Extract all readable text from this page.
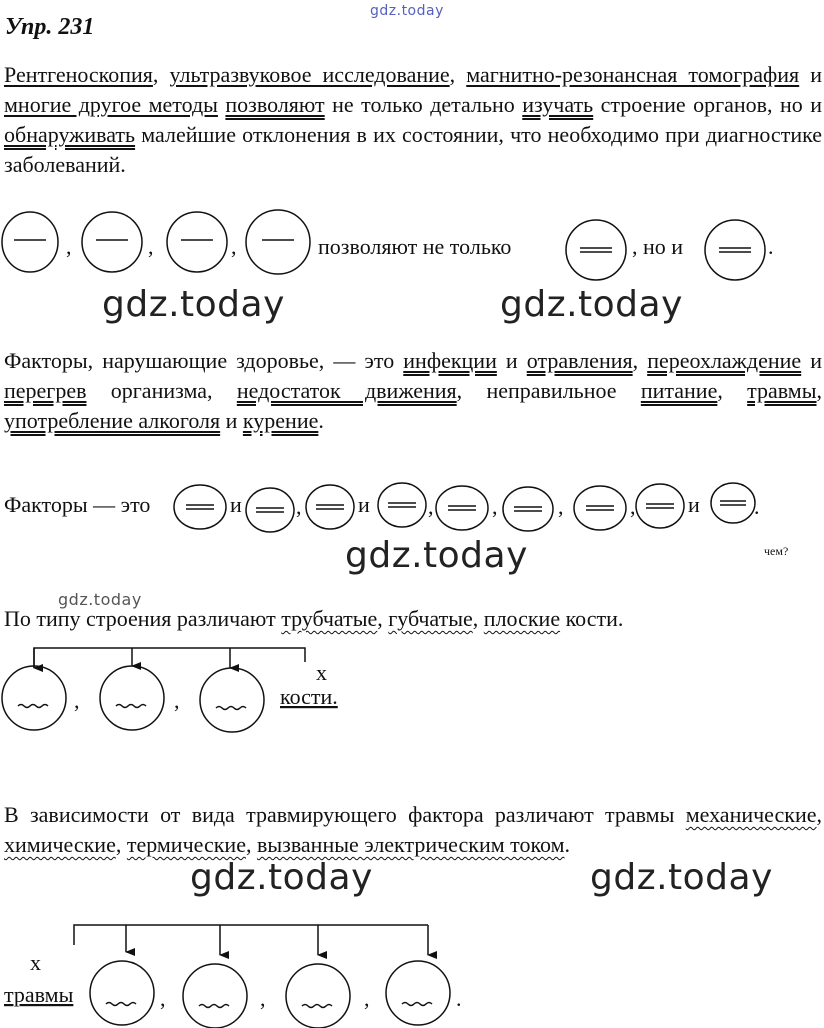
gdz.today
gdz.today	gdz.today
gdz.today
gdz.today
gdz.today	gdz.today
Упр. 231
Рентгеноскопия, ультразвуковое исследование, магнитно-резонансная томография и многие другое методы позволяют не только детально изучать строение органов, но и обнаруживать малейшие отклонения в их состоянии, что необходимо при диагностике заболеваний.
Факторы, нарушающие здоровье, — это инфекции и отравления, переохлаждение и перегрев организма, недостаток движения, неправильное питание, травмы, употребление алкоголя и курение.
По типу строения различают трубчатые, губчатые, плоские кости.
В зависимости от вида травмирующего фактора различают травмы механические, химические, термические, вызванные электрическим током.
,	,	,	позволяют не только	, но и	.
Факторы — это	и ,	и	,	,	,	, и .
чем?
,	,
х
кости.
х
травмы	,	,	,	.
